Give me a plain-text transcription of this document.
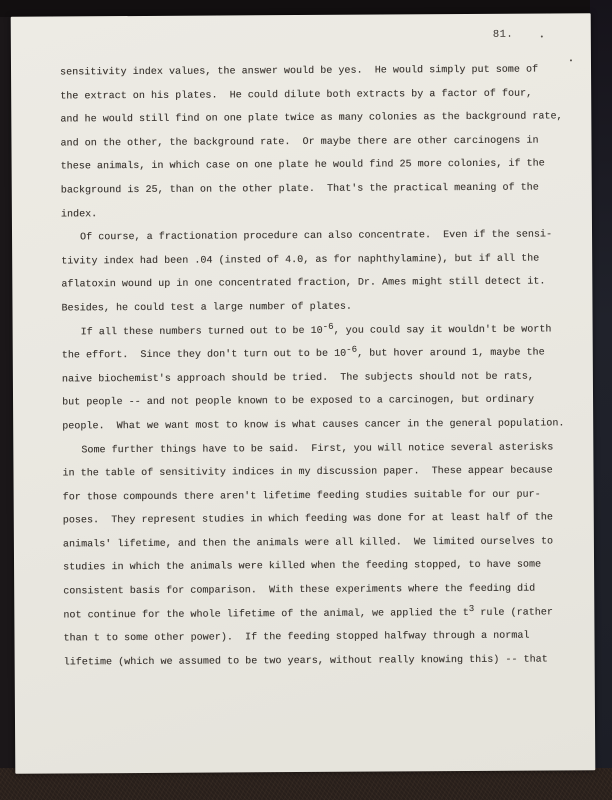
81.
sensitivity index values, the answer would be yes.  He would simply put some of
the extract on his plates.  He could dilute both extracts by a factor of four,
and he would still find on one plate twice as many colonies as the background rate,
and on the other, the background rate.  Or maybe there are other carcinogens in
these animals, in which case on one plate he would find 25 more colonies, if the
background is 25, than on the other plate.  That's the practical meaning of the
index.
Of course, a fractionation procedure can also concentrate.  Even if the sensi-
tivity index had been .04 (insted of 4.0, as for naphthylamine), but if all the
aflatoxin wound up in one concentrated fraction, Dr. Ames might still detect it.
Besides, he could test a large number of plates.
If all these numbers turned out to be $10^{-6}$, you could say it wouldn't be worth
the effort.  Since they don't turn out to be $10^{-6}$, but hover around 1, maybe the
naive biochemist's approach should be tried.  The subjects should not be rats,
but people -- and not people known to be exposed to a carcinogen, but ordinary
people.  What we want most to know is what causes cancer in the general population.
Some further things have to be said.  First, you will notice several asterisks
in the table of sensitivity indices in my discussion paper.  These appear because
for those compounds there aren't lifetime feeding studies suitable for our pur-
poses.  They represent studies in which feeding was done for at least half of the
animals' lifetime, and then the animals were all killed.  We limited ourselves to
studies in which the animals were killed when the feeding stopped, to have some
consistent basis for comparison.  With these experiments where the feeding did
not continue for the whole lifetime of the animal, we applied the $t^3$ rule (rather
than t to some other power).  If the feeding stopped halfway through a normal
lifetime (which we assumed to be two years, without really knowing this) -- that
